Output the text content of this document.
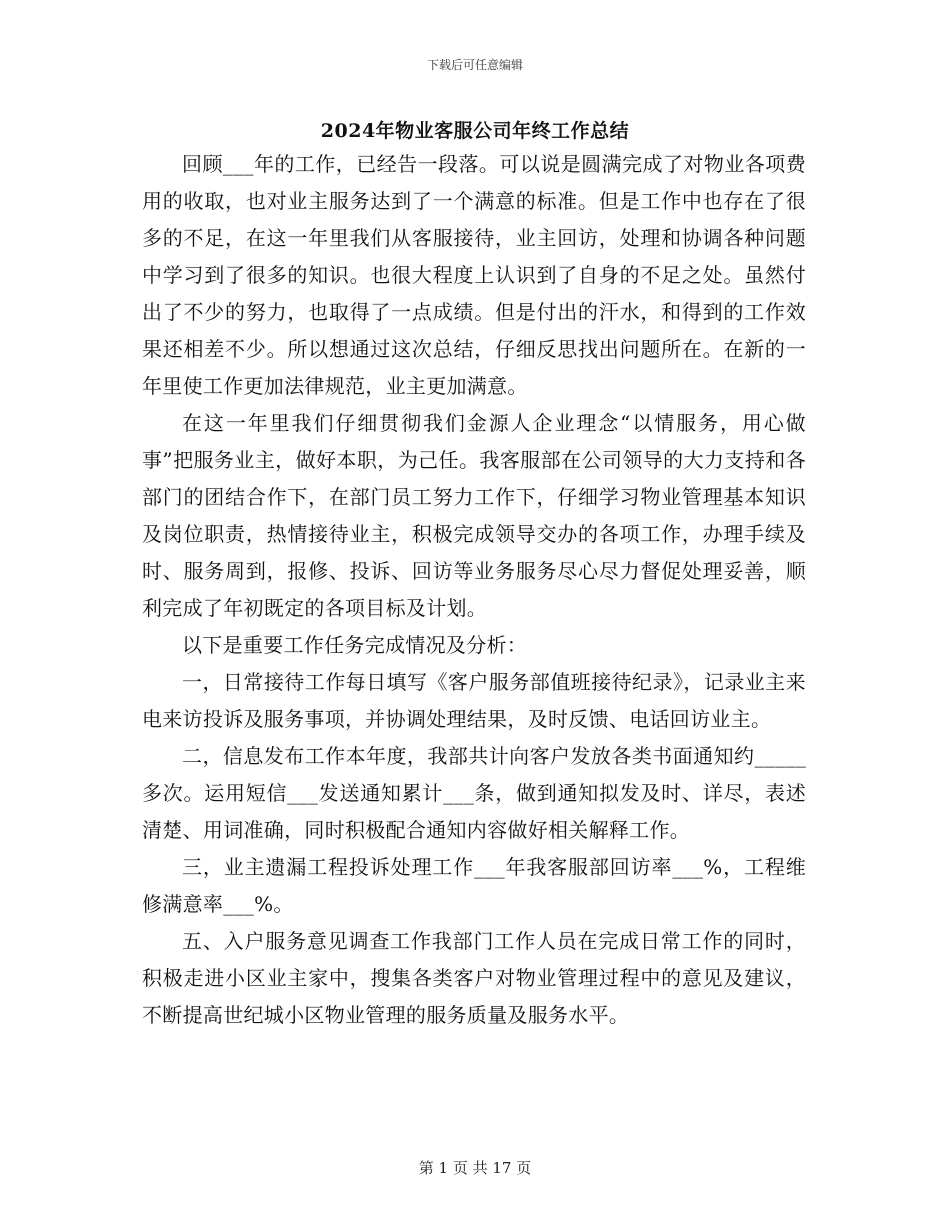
下载后可任意编辑
2024年物业客服公司年终工作总结

回顾___年的工作，已经告一段落。可以说是圆满完成了对物业各项费用的收取，也对业主服务达到了一个满意的标准。但是工作中也存在了很多的不足，在这一年里我们从客服接待，业主回访，处理和协调各种问题中学习到了很多的知识。也很大程度上认识到了自身的不足之处。虽然付出了不少的努力，也取得了一点成绩。但是付出的汗水，和得到的工作效果还相差不少。所以想通过这次总结，仔细反思找出问题所在。在新的一年里使工作更加法律规范，业主更加满意。

在这一年里我们仔细贯彻我们金源人企业理念“以情服务，用心做事”把服务业主，做好本职，为己任。我客服部在公司领导的大力支持和各部门的团结合作下，在部门员工努力工作下，仔细学习物业管理基本知识及岗位职责，热情接待业主，积极完成领导交办的各项工作，办理手续及时、服务周到，报修、投诉、回访等业务服务尽心尽力督促处理妥善，顺利完成了年初既定的各项目标及计划。

以下是重要工作任务完成情况及分析：

一，日常接待工作每日填写《客户服务部值班接待纪录》，记录业主来电来访投诉及服务事项，并协调处理结果，及时反馈、电话回访业主。

二，信息发布工作本年度，我部共计向客户发放各类书面通知约_____多次。运用短信___发送通知累计___条，做到通知拟发及时、详尽，表述清楚、用词准确，同时积极配合通知内容做好相关解释工作。

三，业主遗漏工程投诉处理工作___年我客服部回访率___%，工程维修满意率___%。

五、入户服务意见调查工作我部门工作人员在完成日常工作的同时，积极走进小区业主家中，搜集各类客户对物业管理过程中的意见及建议，不断提高世纪城小区物业管理的服务质量及服务水平。

第 1 页 共 17 页
